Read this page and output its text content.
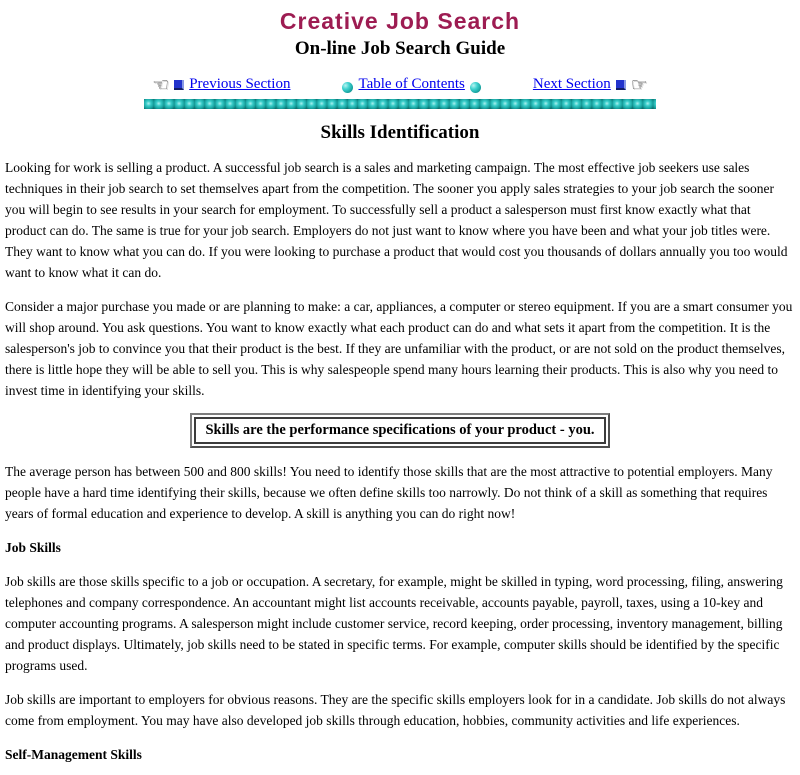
Creative Job Search
On-line Job Search Guide
☜ Previous Section	Table of Contents	Next Section ☞
Skills Identification

Looking for work is selling a product. A successful job search is a sales and marketing campaign. The most effective job seekers use sales techniques in their job search to set themselves apart from the competition. The sooner you apply sales strategies to your job search the sooner you will begin to see results in your search for employment. To successfully sell a product a salesperson must first know exactly what that product can do. The same is true for your job search. Employers do not just want to know where you have been and what your job titles were. They want to know what you can do. If you were looking to purchase a product that would cost you thousands of dollars annually you too would want to know what it can do.

Consider a major purchase you made or are planning to make: a car, appliances, a computer or stereo equipment. If you are a smart consumer you will shop around. You ask questions. You want to know exactly what each product can do and what sets it apart from the competition. It is the salesperson's job to convince you that their product is the best. If they are unfamiliar with the product, or are not sold on the product themselves, there is little hope they will be able to sell you. This is why salespeople spend many hours learning their products. This is also why you need to invest time in identifying your skills.

Skills are the performance specifications of your product - you.

The average person has between 500 and 800 skills! You need to identify those skills that are the most attractive to potential employers. Many people have a hard time identifying their skills, because we often define skills too narrowly. Do not think of a skill as something that requires years of formal education and experience to develop. A skill is anything you can do right now!

Job Skills

Job skills are those skills specific to a job or occupation. A secretary, for example, might be skilled in typing, word processing, filing, answering telephones and company correspondence. An accountant might list accounts receivable, accounts payable, payroll, taxes, using a 10-key and computer accounting programs. A salesperson might include customer service, record keeping, order processing, inventory management, billing and product displays. Ultimately, job skills need to be stated in specific terms. For example, computer skills should be identified by the specific programs used.

Job skills are important to employers for obvious reasons. They are the specific skills employers look for in a candidate. Job skills do not always come from employment. You may have also developed job skills through education, hobbies, community activities and life experiences.

Self-Management Skills
